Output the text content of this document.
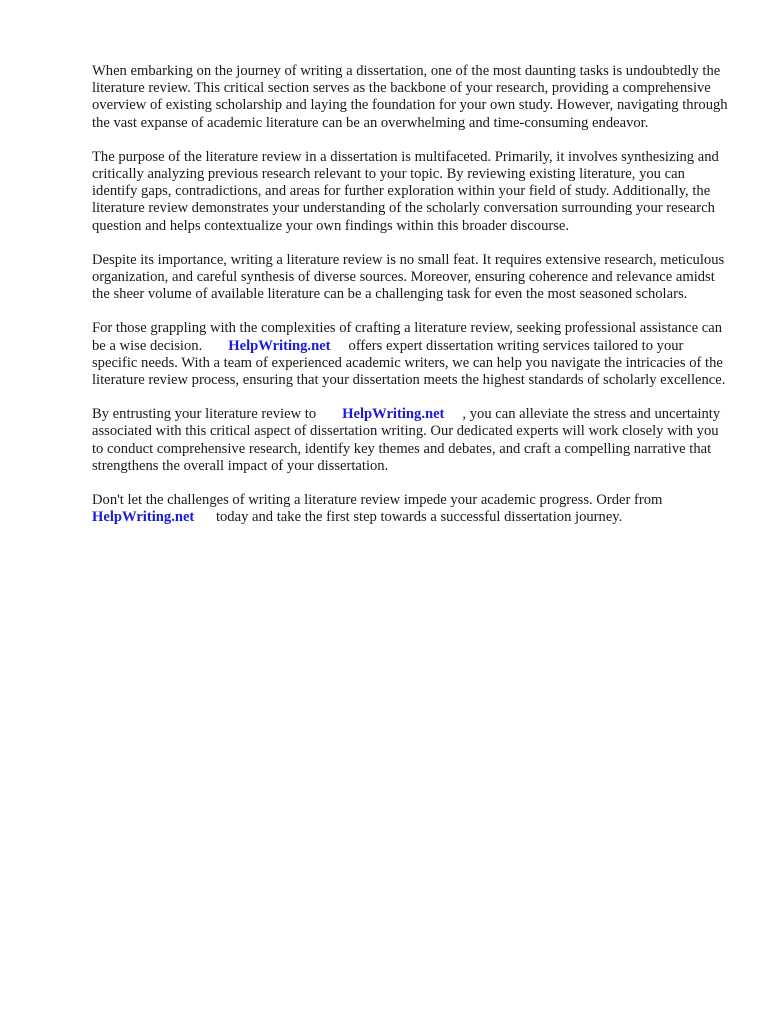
When embarking on the journey of writing a dissertation, one of the most daunting tasks is undoubtedly the literature review. This critical section serves as the backbone of your research, providing a comprehensive overview of existing scholarship and laying the foundation for your own study. However, navigating through the vast expanse of academic literature can be an overwhelming and time-consuming endeavor.

The purpose of the literature review in a dissertation is multifaceted. Primarily, it involves synthesizing and critically analyzing previous research relevant to your topic. By reviewing existing literature, you can identify gaps, contradictions, and areas for further exploration within your field of study. Additionally, the literature review demonstrates your understanding of the scholarly conversation surrounding your research question and helps contextualize your own findings within this broader discourse.

Despite its importance, writing a literature review is no small feat. It requires extensive research, meticulous organization, and careful synthesis of diverse sources. Moreover, ensuring coherence and relevance amidst the sheer volume of available literature can be a challenging task for even the most seasoned scholars.

For those grappling with the complexities of crafting a literature review, seeking professional assistance can be a wise decision. HelpWriting.net offers expert dissertation writing services tailored to your specific needs. With a team of experienced academic writers, we can help you navigate the intricacies of the literature review process, ensuring that your dissertation meets the highest standards of scholarly excellence.

By entrusting your literature review to HelpWriting.net , you can alleviate the stress and uncertainty associated with this critical aspect of dissertation writing. Our dedicated experts will work closely with you to conduct comprehensive research, identify key themes and debates, and craft a compelling narrative that strengthens the overall impact of your dissertation.

Don't let the challenges of writing a literature review impede your academic progress. Order from HelpWriting.net today and take the first step towards a successful dissertation journey.
